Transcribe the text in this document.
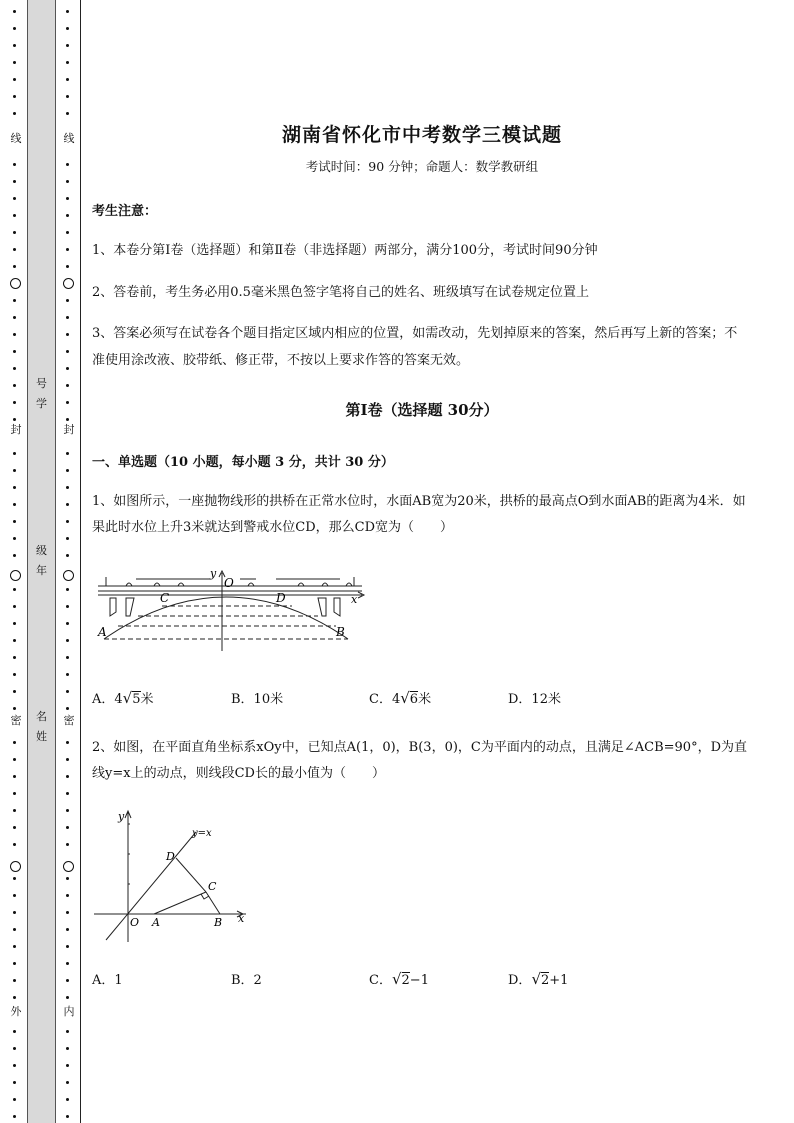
线
封
密
外
号
学
级
年
名
姓
线
封
密
内
湖南省怀化市中考数学三模试题
考试时间：90 分钟；命题人：数学教研组
考生注意：
1、本卷分第Ⅰ卷（选择题）和第Ⅱ卷（非选择题）两部分，满分100分，考试时间90分钟
2、答卷前，考生务必用0.5毫米黑色签字笔将自己的姓名、班级填写在试卷规定位置上
3、答案必须写在试卷各个题目指定区域内相应的位置，如需改动，先划掉原来的答案，然后再写上新的答案；不准使用涂改液、胶带纸、修正带，不按以上要求作答的答案无效。
第Ⅰ卷（选择题 30分）
一、单选题（10 小题，每小题 3 分，共计 30 分）
1、如图所示，一座抛物线形的拱桥在正常水位时，水面AB宽为20米，拱桥的最高点O到水面AB的距离为4米．如果此时水位上升3米就达到警戒水位CD，那么CD宽为（　　）
y
O
C	D	x
A	B
A．4√5米	B．10米	C．4√6米	D．12米
2、如图，在平面直角坐标系xOy中，已知点A(1，0)，B(3，0)，C为平面内的动点，且满足∠ACB=90°，D为直线y=x上的动点，则线段CD长的最小值为（　　）
y
y=x
D
C
O A	B x
A．1	B．2	C．√2−1	D．√2+1
